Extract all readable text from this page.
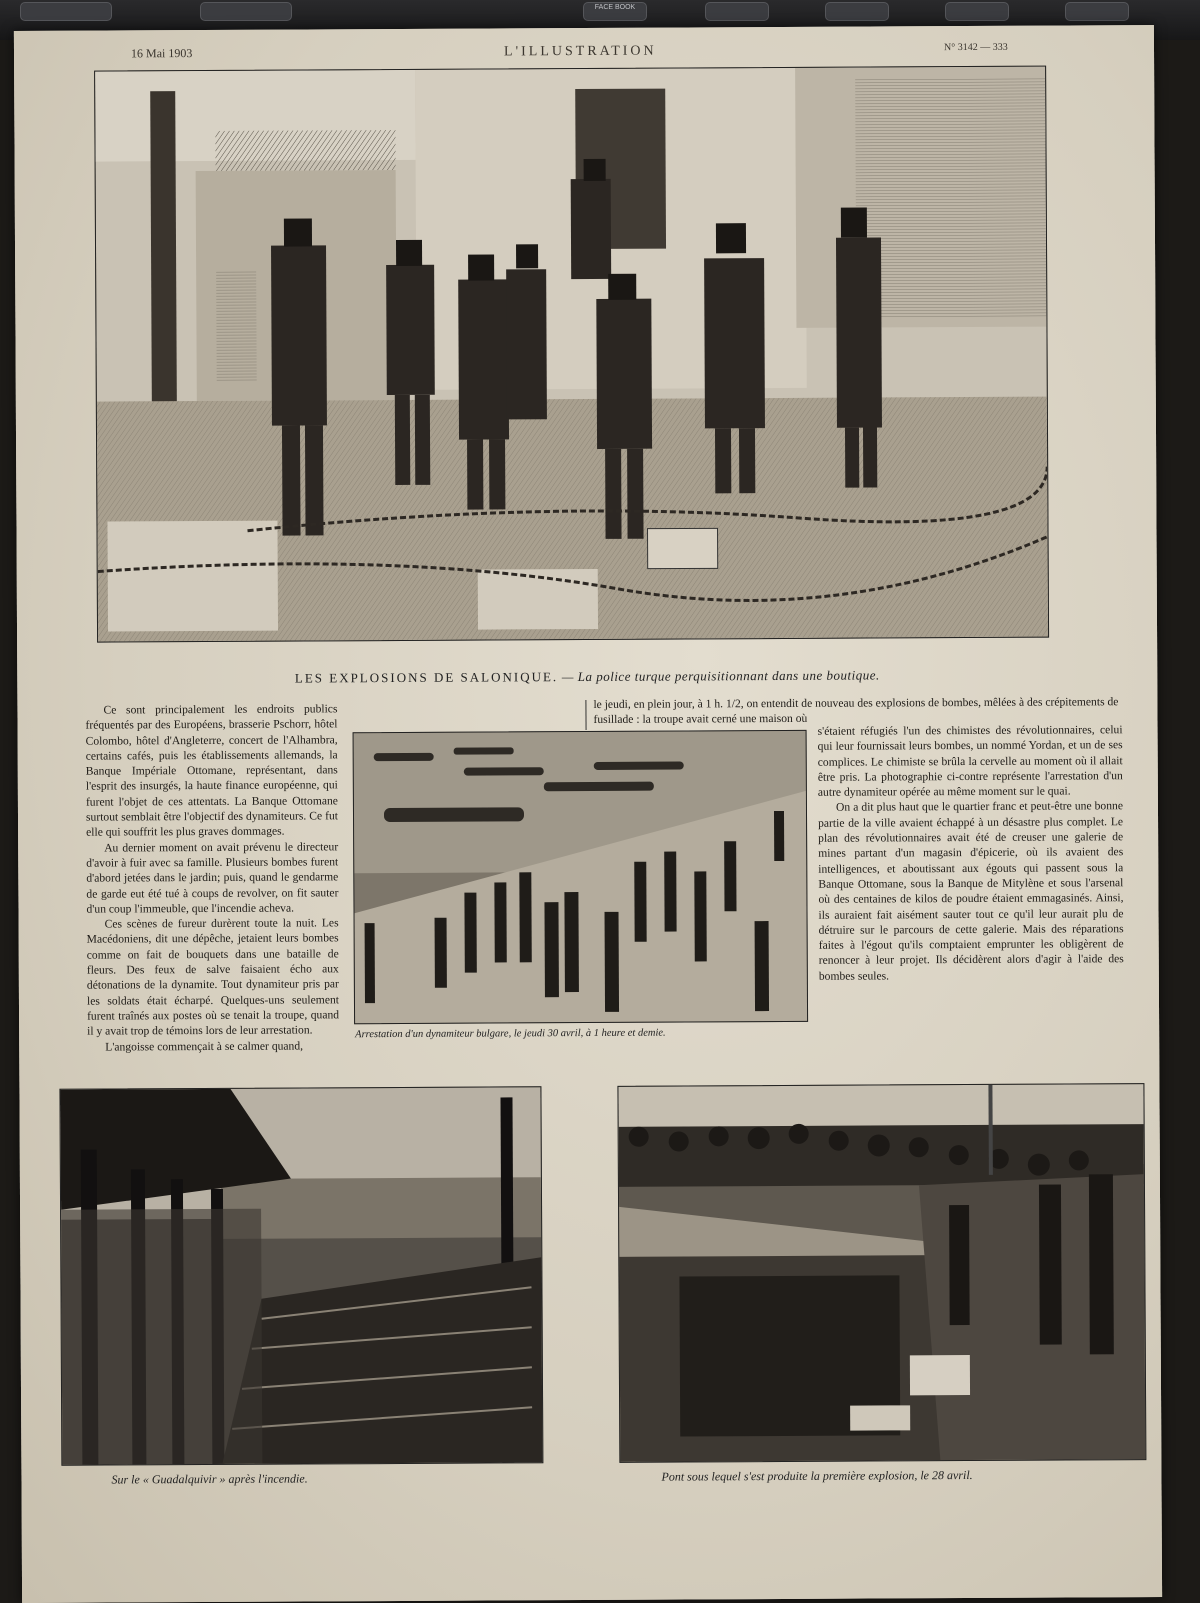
FACE BOOK
16 Mai 1903	L'ILLUSTRATION	N° 3142 — 333
LES EXPLOSIONS DE SALONIQUE. — La police turque perquisitionnant dans une boutique.

Ce sont principalement les endroits publics fréquentés par des Européens, brasserie Pschorr, hôtel Colombo, hôtel d'Angleterre, concert de l'Alhambra, certains cafés, puis les établissements allemands, la Banque Impériale Ottomane, représentant, dans l'esprit des insurgés, la haute finance européenne, qui furent l'objet de ces attentats. La Banque Ottomane surtout semblait être l'objectif des dynamiteurs. Ce fut elle qui souffrit les plus graves dommages.

Au dernier moment on avait prévenu le directeur d'avoir à fuir avec sa famille. Plusieurs bombes furent d'abord jetées dans le jardin; puis, quand le gendarme de garde eut été tué à coups de revolver, on fit sauter d'un coup l'immeuble, que l'incendie acheva.

Ces scènes de fureur durèrent toute la nuit. Les Macédoniens, dit une dépêche, jetaient leurs bombes comme on fait de bouquets dans une bataille de fleurs. Des feux de salve faisaient écho aux détonations de la dynamite. Tout dynamiteur pris par les soldats était écharpé. Quelques-uns seulement furent traînés aux postes où se tenait la troupe, quand il y avait trop de témoins lors de leur arrestation.

L'angoisse commençait à se calmer quand,

le jeudi, en plein jour, à 1 h. 1/2, on entendit de nouveau des explosions de bombes, mêlées à des crépitements de fusillade : la troupe avait cerné une maison où
Arrestation d'un dynamiteur bulgare, le jeudi 30 avril, à 1 heure et demie.

s'étaient réfugiés l'un des chimistes des révolutionnaires, celui qui leur fournissait leurs bombes, un nommé Yordan, et un de ses complices. Le chimiste se brûla la cervelle au moment où il allait être pris. La photographie ci-contre représente l'arrestation d'un autre dynamiteur opérée au même moment sur le quai.

On a dit plus haut que le quartier franc et peut-être une bonne partie de la ville avaient échappé à un désastre plus complet. Le plan des révolutionnaires avait été de creuser une galerie de mines partant d'un magasin d'épicerie, où ils avaient des intelligences, et aboutissant aux égouts qui passent sous la Banque Ottomane, sous la Banque de Mitylène et sous l'arsenal où des centaines de kilos de poudre étaient emmagasinés. Ainsi, ils auraient fait aisément sauter tout ce qu'il leur aurait plu de détruire sur le parcours de cette galerie. Mais des réparations faites à l'égout qu'ils comptaient emprunter les obligèrent de renoncer à leur projet. Ils décidèrent alors d'agir à l'aide des bombes seules.

Sur le « Guadalquivir » après l'incendie.	Pont sous lequel s'est produite la première explosion, le 28 avril.
